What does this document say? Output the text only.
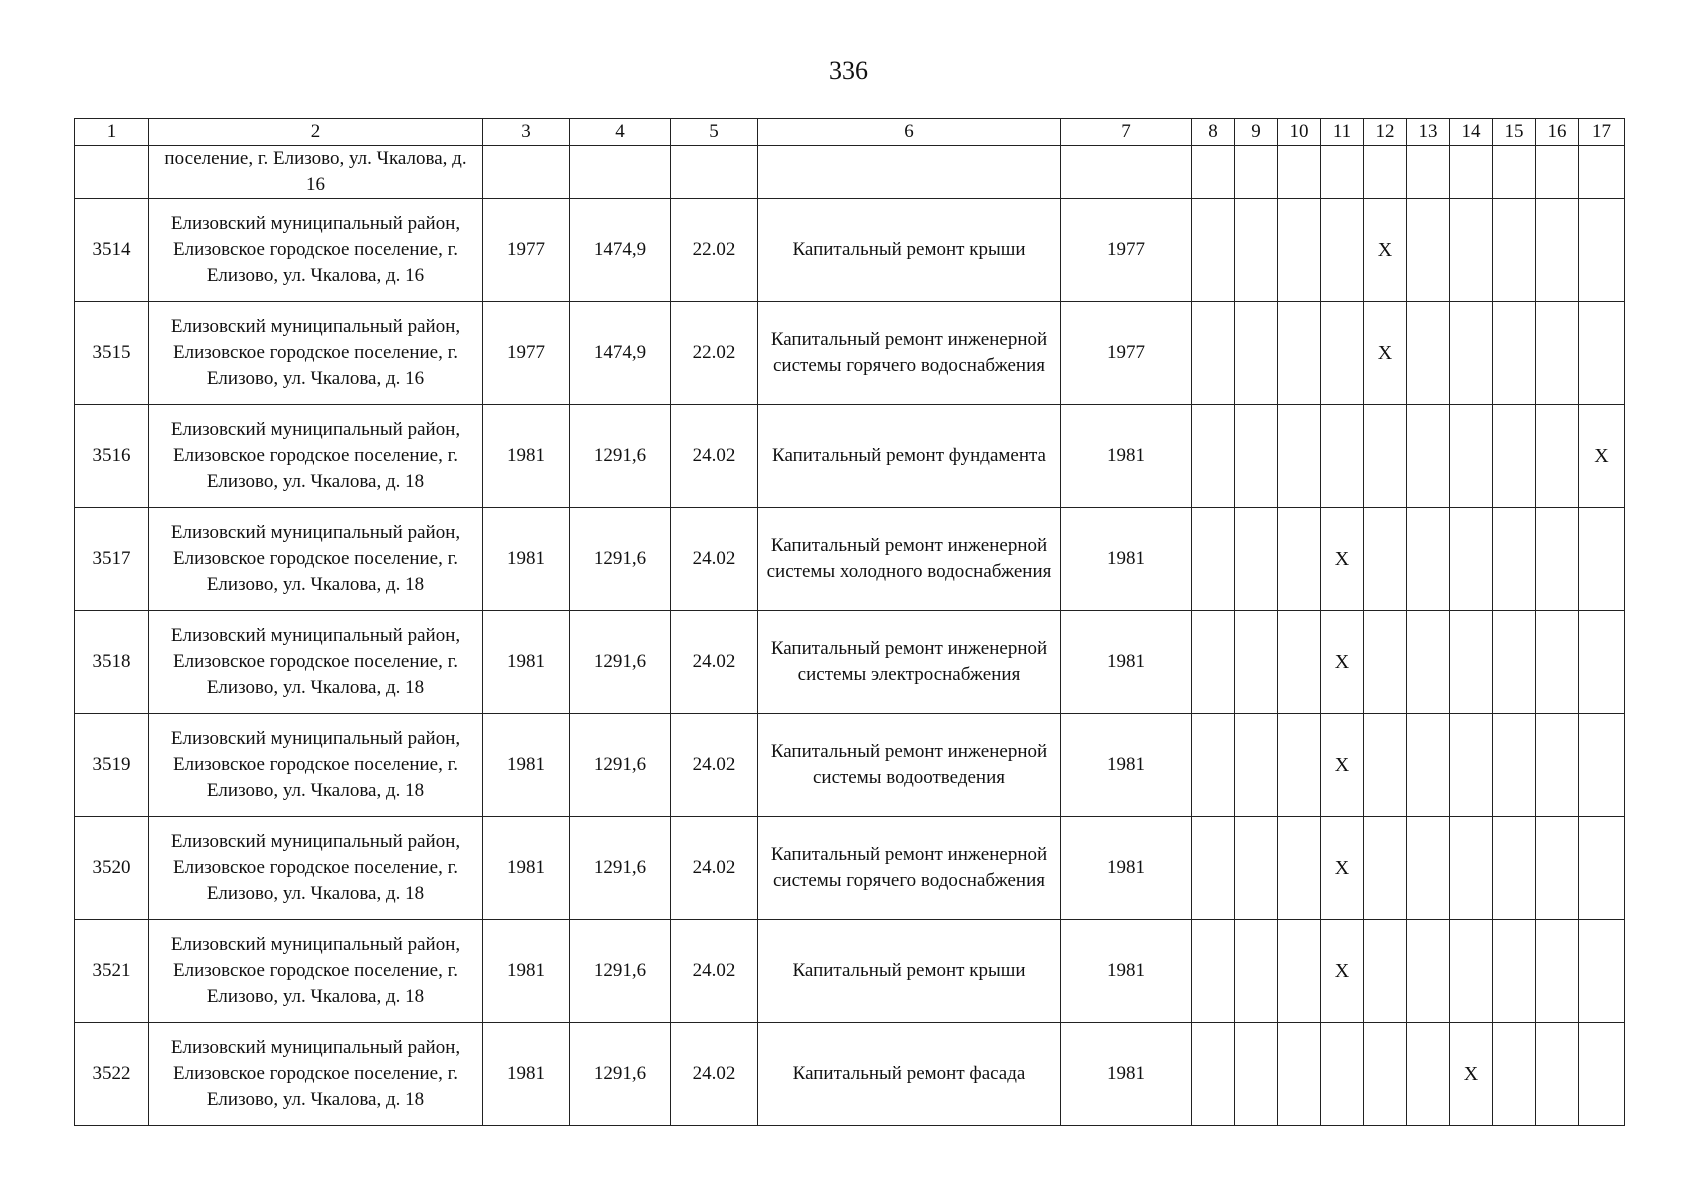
336
1	2	3	4	5	6	7	8	9	10	11	12	13	14	15	16	17	
	поселение, г. Елизово, ул. Чкалова, д. 16																
3514	Елизовский муниципальный район, Елизовское городское поселение, г. Елизово, ул. Чкалова, д. 16	1977	1474,9	22.02	Капитальный ремонт крыши	1977					X						
3515	Елизовский муниципальный район, Елизовское городское поселение, г. Елизово, ул. Чкалова, д. 16	1977	1474,9	22.02	Капитальный ремонт инженерной системы горячего водоснабжения	1977					X						
3516	Елизовский муниципальный район, Елизовское городское поселение, г. Елизово, ул. Чкалова, д. 18	1981	1291,6	24.02	Капитальный ремонт фундамента	1981										X	
3517	Елизовский муниципальный район, Елизовское городское поселение, г. Елизово, ул. Чкалова, д. 18	1981	1291,6	24.02	Капитальный ремонт инженерной системы холодного водоснабжения	1981				X							
3518	Елизовский муниципальный район, Елизовское городское поселение, г. Елизово, ул. Чкалова, д. 18	1981	1291,6	24.02	Капитальный ремонт инженерной системы электроснабжения	1981				X							
3519	Елизовский муниципальный район, Елизовское городское поселение, г. Елизово, ул. Чкалова, д. 18	1981	1291,6	24.02	Капитальный ремонт инженерной системы водоотведения	1981				X							
3520	Елизовский муниципальный район, Елизовское городское поселение, г. Елизово, ул. Чкалова, д. 18	1981	1291,6	24.02	Капитальный ремонт инженерной системы горячего водоснабжения	1981				X							
3521	Елизовский муниципальный район, Елизовское городское поселение, г. Елизово, ул. Чкалова, д. 18	1981	1291,6	24.02	Капитальный ремонт крыши	1981				X							
3522	Елизовский муниципальный район, Елизовское городское поселение, г. Елизово, ул. Чкалова, д. 18	1981	1291,6	24.02	Капитальный ремонт фасада	1981							X				
